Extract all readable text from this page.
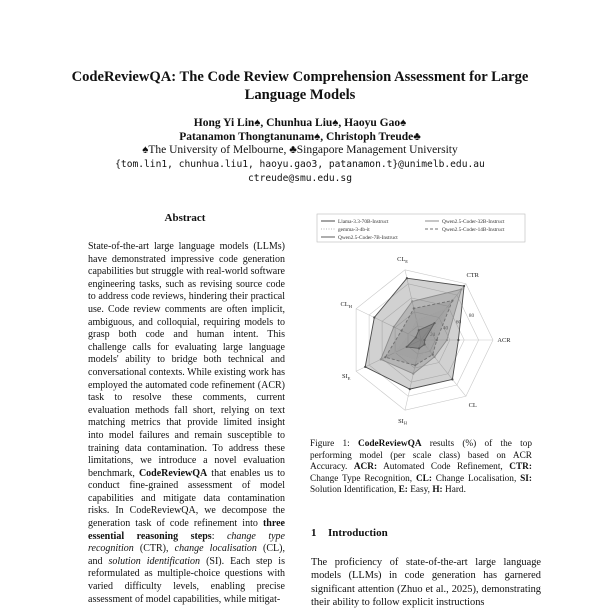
CodeReviewQA: The Code Review Comprehension Assessment for Large
Language Models
Hong Yi Lin♠, Chunhua Liu♠, Haoyu Gao♠
Patanamon Thongtanunam♠, Christoph Treude♣
♠The University of Melbourne, ♣Singapore Management University
{tom.lin1, chunhua.liu1, haoyu.gao3, patanamon.t}@unimelb.edu.au
ctreude@smu.edu.sg
Abstract

State-of-the-art large language models (LLMs) have demonstrated impressive code generation capabilities but struggle with real-world software engineering tasks, such as revising source code to address code reviews, hindering their practical use. Code review comments are often implicit, ambiguous, and colloquial, requiring models to grasp both code and human intent. This challenge calls for evaluating large language models' ability to bridge both technical and conversational contexts. While existing work has employed the automated code refinement (ACR) task to resolve these comments, current evaluation methods fall short, relying on text matching metrics that provide limited insight into model failures and remain susceptible to training data contamination. To address these limitations, we introduce a novel evaluation benchmark, CodeReviewQA that enables us to conduct fine-grained assessment of model capabilities and mitigate data contamination risks. In CodeReviewQA, we decompose the generation task of code refinement into three essential reasoning steps: change type recognition (CTR), change localisation (CL), and solution identification (SI). Each step is reformulated as multiple-choice questions with varied difficulty levels, enabling precise assessment of model capabilities, while mitigat-

Llama-3.3-70B-Instruct	Qwen2.5-Coder-32B-Instruct
gemma-3-4b-it	Qwen2.5-Coder-14B-Instruct
Qwen2.5-Coder-7B-Instruct
80
ACR
CTR
$CL_E$
$CL_H$
$SI_E$
$SI_H$
CL
Figure 1: CodeReviewQA results (%) of the top performing model (per scale class) based on ACR Accuracy. ACR: Automated Code Refinement, CTR: Change Type Recognition, CL: Change Localisation, SI: Solution Identification, E: Easy, H: Hard.
1 Introduction
The proficiency of state-of-the-art large language models (LLMs) in code generation has garnered significant attention (Zhuo et al., 2025), demonstrating their ability to follow explicit instructions
